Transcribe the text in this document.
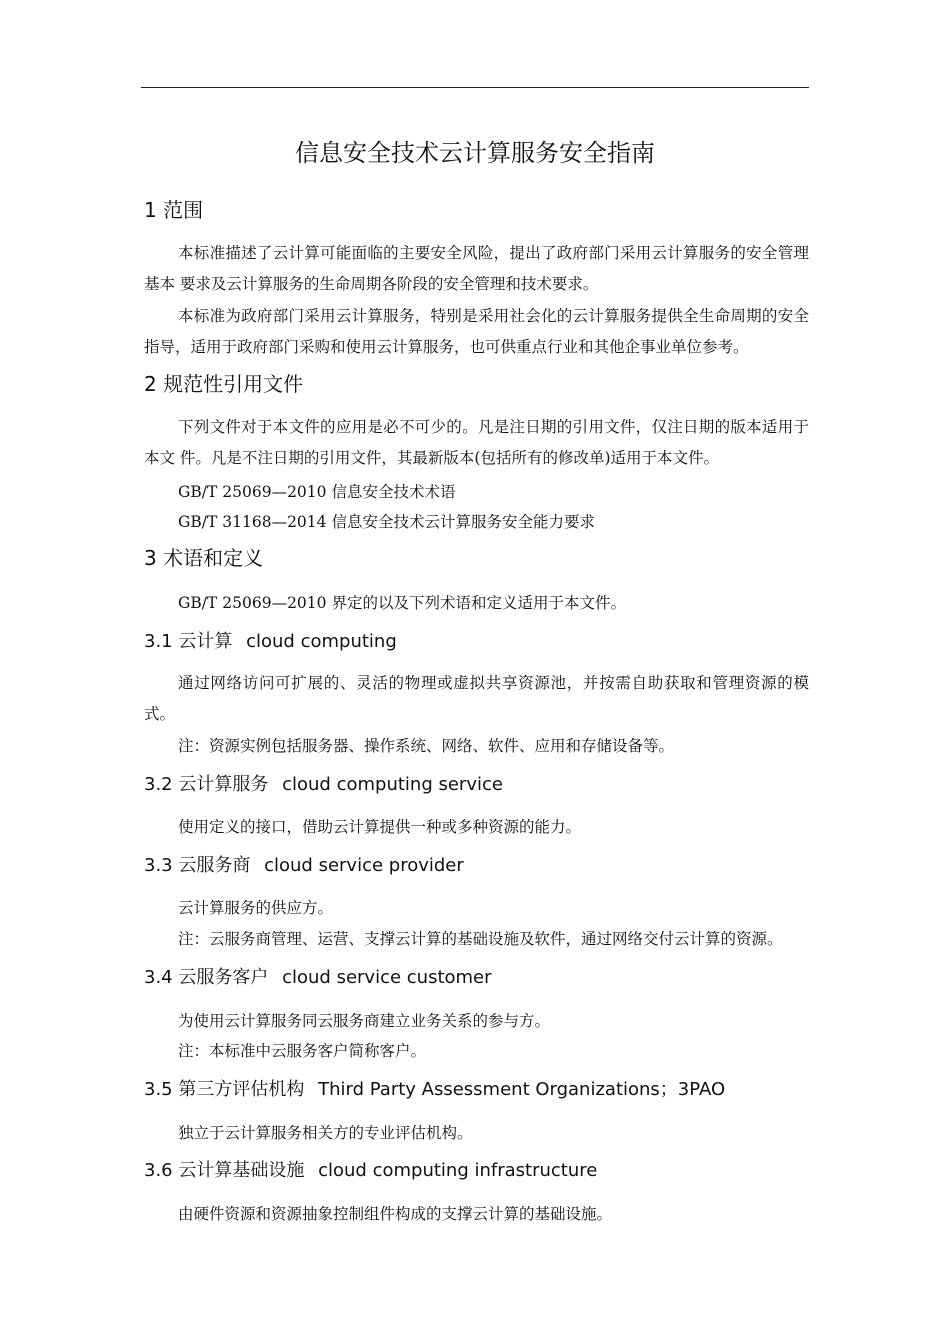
信息安全技术云计算服务安全指南
1 范围
本标准描述了云计算可能面临的主要安全风险，提出了政府部门采用云计算服务的安全管理基本 要求及云计算服务的生命周期各阶段的安全管理和技术要求。
本标准为政府部门采用云计算服务，特别是采用社会化的云计算服务提供全生命周期的安全指导，适用于政府部门采购和使用云计算服务，也可供重点行业和其他企事业单位参考。
2 规范性引用文件
下列文件对于本文件的应用是必不可少的。凡是注日期的引用文件，仅注日期的版本适用于本文 件。凡是不注日期的引用文件，其最新版本(包括所有的修改单)适用于本文件。
GB/T 25069—2010 信息安全技术术语
GB/T 31168—2014 信息安全技术云计算服务安全能力要求
3 术语和定义
GB/T 25069—2010 界定的以及下列术语和定义适用于本文件。
3.1 云计算 cloud computing
通过网络访问可扩展的、灵活的物理或虚拟共享资源池，并按需自助获取和管理资源的模式。
注：资源实例包括服务器、操作系统、网络、软件、应用和存储设备等。
3.2 云计算服务 cloud computing service
使用定义的接口，借助云计算提供一种或多种资源的能力。
3.3 云服务商 cloud service provider
云计算服务的供应方。
注：云服务商管理、运营、支撑云计算的基础设施及软件，通过网络交付云计算的资源。
3.4 云服务客户 cloud service customer
为使用云计算服务同云服务商建立业务关系的参与方。
注：本标准中云服务客户简称客户。
3.5 第三方评估机构 Third Party Assessment Organizations；3PAO
独立于云计算服务相关方的专业评估机构。
3.6 云计算基础设施 cloud computing infrastructure
由硬件资源和资源抽象控制组件构成的支撑云计算的基础设施。
